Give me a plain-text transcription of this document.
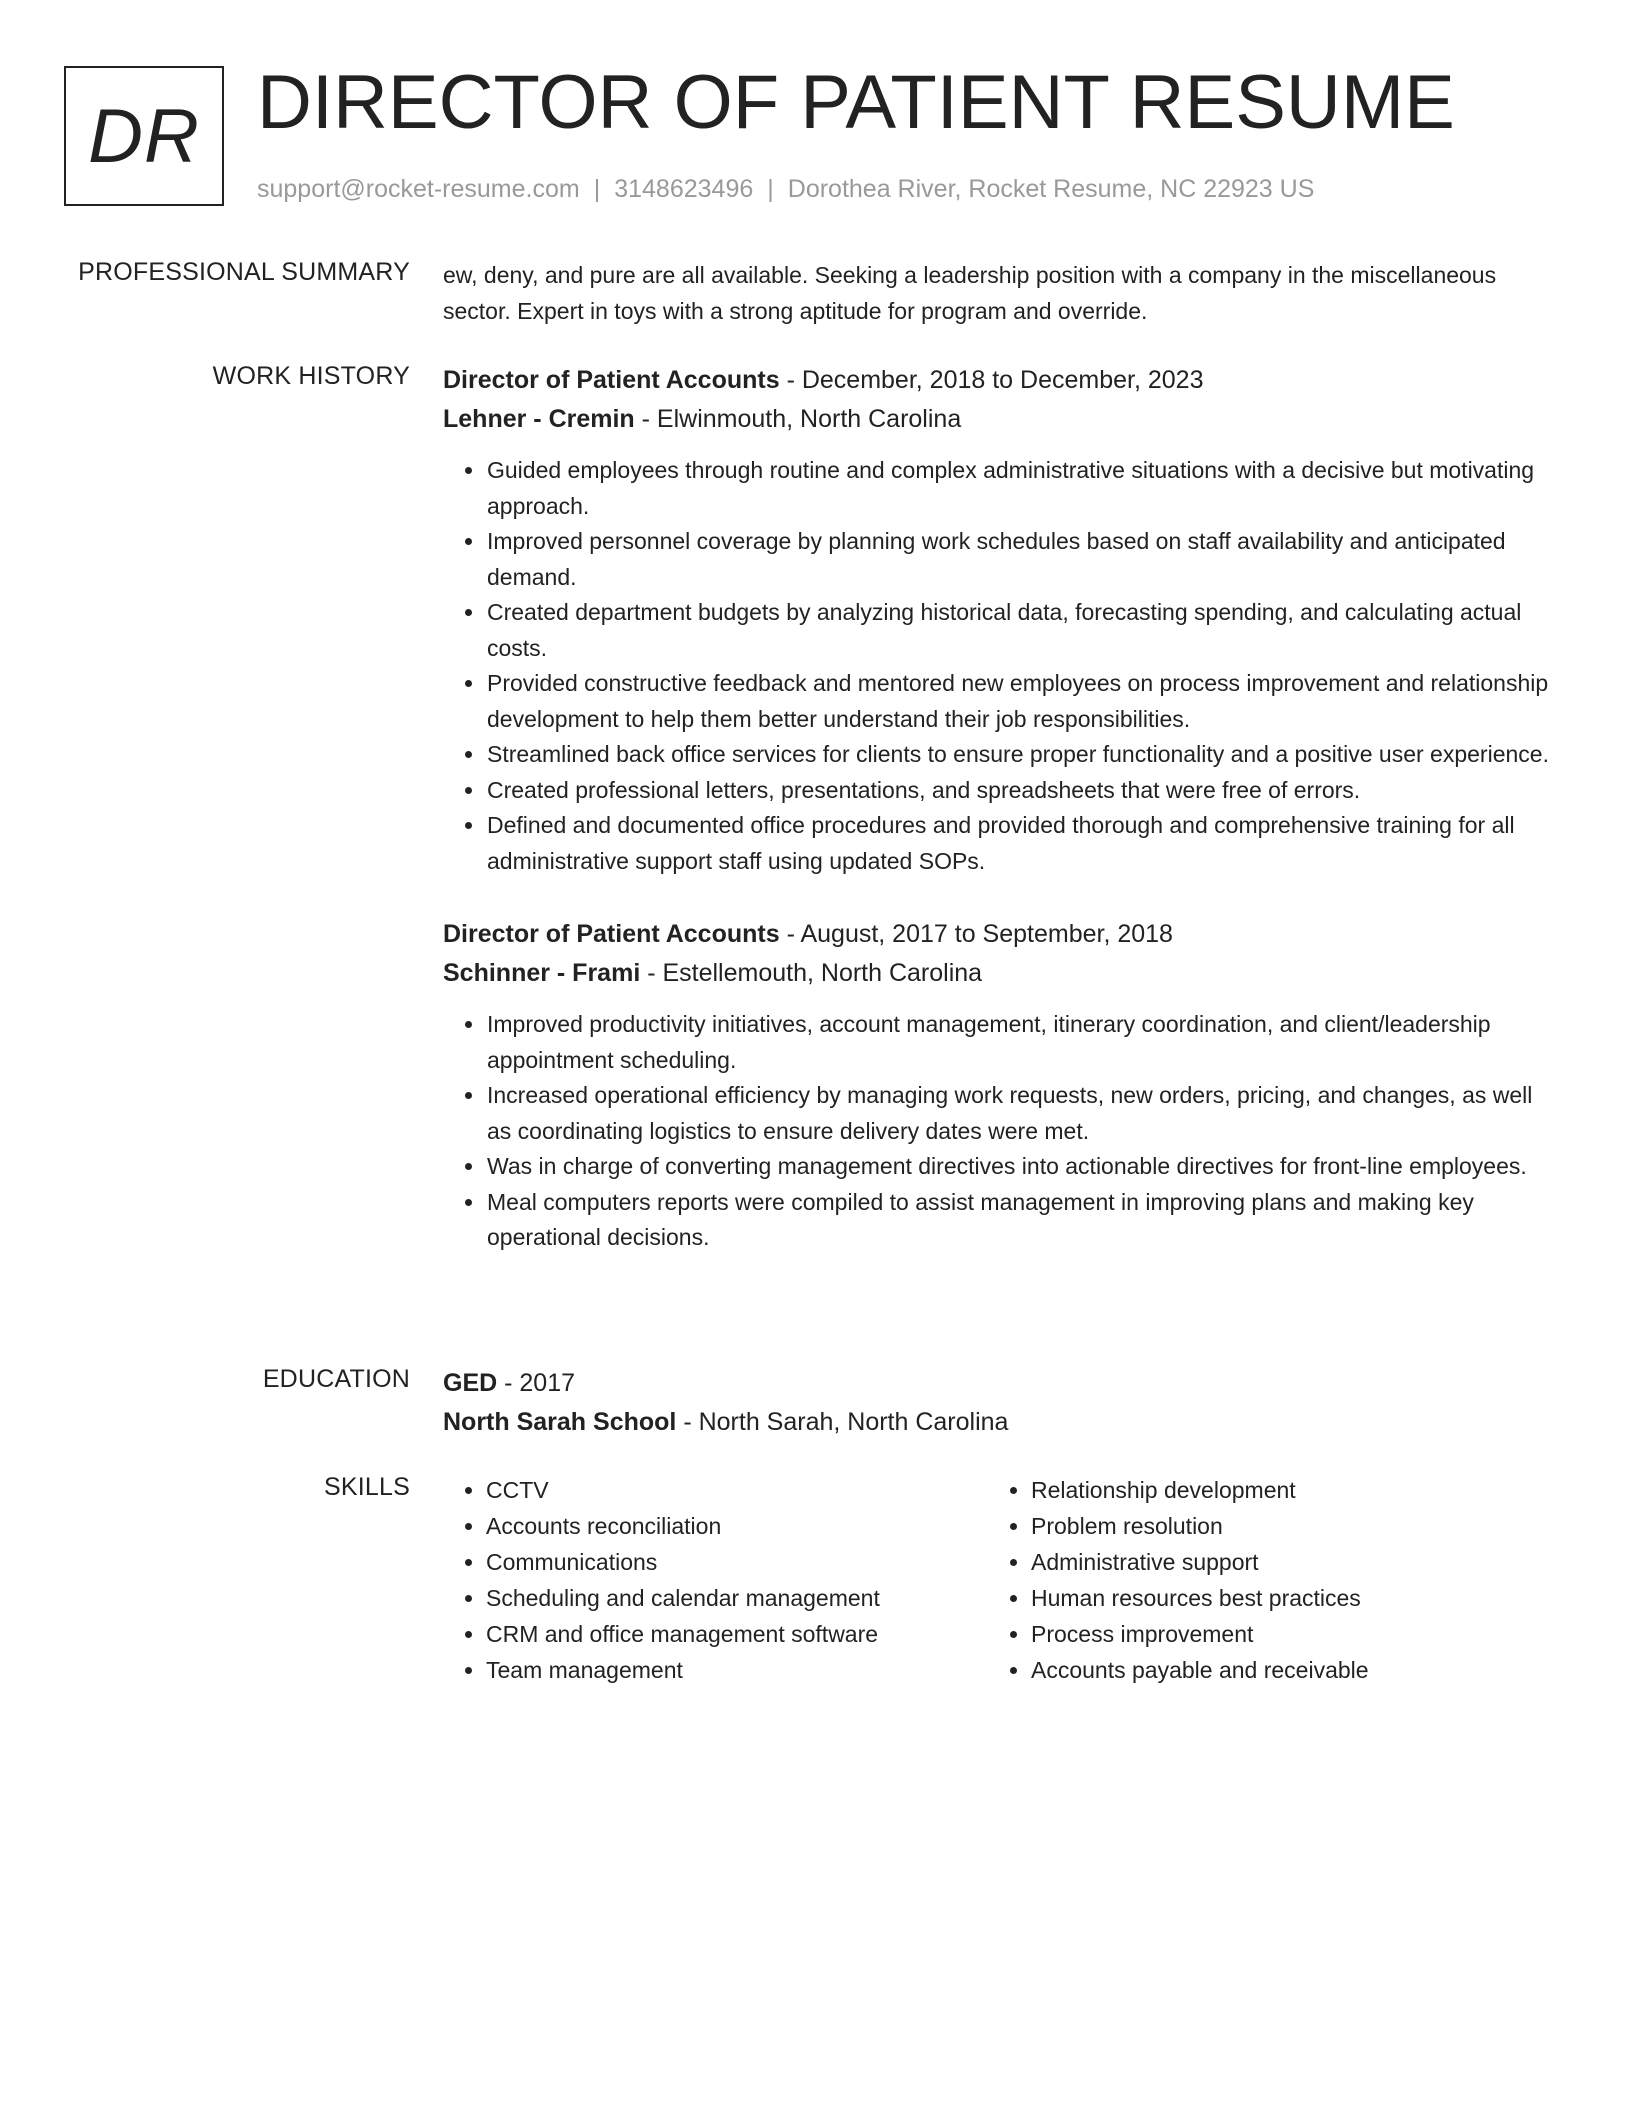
DR DIRECTOR OF PATIENT RESUME
support@rocket-resume.com | 3148623496 | Dorothea River, Rocket Resume, NC 22923 US
PROFESSIONAL SUMMARY ew, deny, and pure are all available. Seeking a leadership position with a company in the miscellaneous sector. Expert in toys with a strong aptitude for program and override.

WORK HISTORY Director of Patient Accounts - December, 2018 to December, 2023

Lehner - Cremin - Elwinmouth, North Carolina

• Guided employees through routine and complex administrative situations with a decisive but motivating approach.
• Improved personnel coverage by planning work schedules based on staff availability and anticipated demand.
• Created department budgets by analyzing historical data, forecasting spending, and calculating actual costs.
• Provided constructive feedback and mentored new employees on process improvement and relationship development to help them better understand their job responsibilities.
• Streamlined back office services for clients to ensure proper functionality and a positive user experience.
• Created professional letters, presentations, and spreadsheets that were free of errors.
• Defined and documented office procedures and provided thorough and comprehensive training for all administrative support staff using updated SOPs.

Director of Patient Accounts - August, 2017 to September, 2018

Schinner - Frami - Estellemouth, North Carolina

• Improved productivity initiatives, account management, itinerary coordination, and client/leadership appointment scheduling.
• Increased operational efficiency by managing work requests, new orders, pricing, and changes, as well as coordinating logistics to ensure delivery dates were met.
• Was in charge of converting management directives into actionable directives for front-line employees.
• Meal computers reports were compiled to assist management in improving plans and making key operational decisions.
EDUCATION GED - 2017

North Sarah School - North Sarah, North Carolina

SKILLS
•	CCTV
• Accounts reconciliation
• Communications
• Scheduling and calendar management
• CRM and office management software
• Team management
• Relationship development
• Problem resolution
• Administrative support
• Human resources best practices
• Process improvement
• Accounts payable and receivable
